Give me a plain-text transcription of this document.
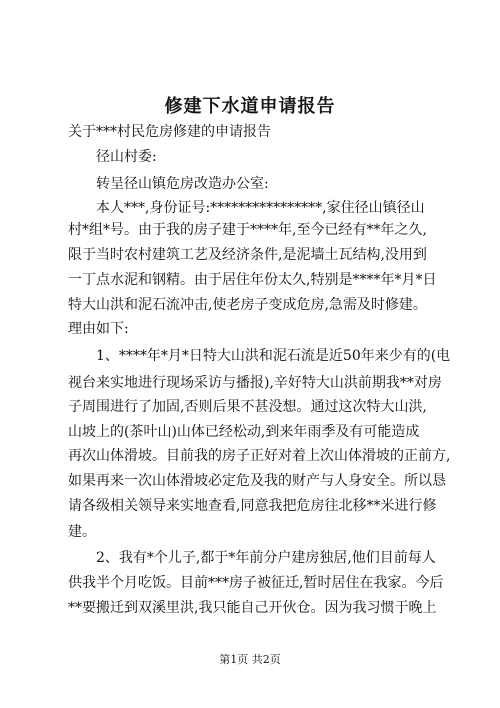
修建下水道申请报告
关于***村民危房修建的申请报告
径山村委:
转呈径山镇危房改造办公室:
本人***,身份证号:****************,家住径山镇径山
村*组*号。由于我的房子建于****年,至今已经有**年之久,
限于当时农村建筑工艺及经济条件,是泥墙土瓦结构,没用到
一丁点水泥和钢精。由于居住年份太久,特别是****年*月*日
特大山洪和泥石流冲击,使老房子变成危房,急需及时修建。
理由如下:
1、****年*月*日特大山洪和泥石流是近50年来少有的(电
视台来实地进行现场采访与播报),辛好特大山洪前期我**对房
子周围进行了加固,否则后果不甚没想。通过这次特大山洪,
山坡上的(茶叶山)山体已经松动,到来年雨季及有可能造成
再次山体滑坡。目前我的房子正好对着上次山体滑坡的正前方,
如果再来一次山体滑坡必定危及我的财产与人身安全。所以恳
请各级相关领导来实地查看,同意我把危房往北移**米进行修
建。
2、我有*个儿子,都于*年前分户建房独居,他们目前每人
供我半个月吃饭。目前***房子被征迁,暂时居住在我家。今后
**要搬迁到双溪里洪,我只能自己开伙仓。因为我习惯于晚上
第1页 共2页
